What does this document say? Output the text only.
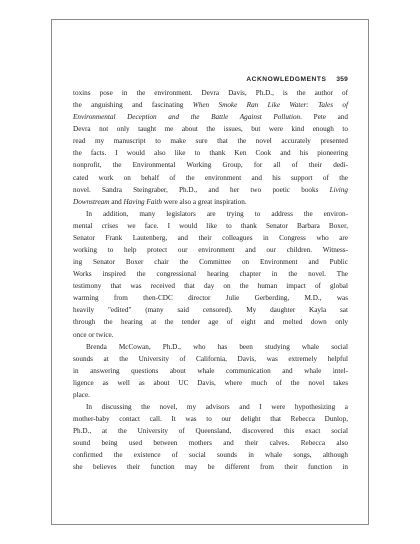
ACKNOWLEDGMENTS 359
toxins pose in the environment. Devra Davis, Ph.D., is the author of
the anguishing and fascinating When Smoke Ran Like Water: Tales of
Environmental Deception and the Battle Against Pollution. Pete and
Devra not only taught me about the issues, but were kind enough to
read my manuscript to make sure that the novel accurately presented
the facts. I would also like to thank Ken Cook and his pioneering
nonprofit, the Environmental Working Group, for all of their dedi-
cated work on behalf of the environment and his support of the
novel. Sandra Steingraber, Ph.D., and her two poetic books Living
Downstream and Having Faith were also a great inspiration.
In addition, many legislators are trying to address the environ-
mental crises we face. I would like to thank Senator Barbara Boxer,
Senator Frank Lautenberg, and their colleagues in Congress who are
working to help protect our environment and our children. Witness-
ing Senator Boxer chair the Committee on Environment and Public
Works inspired the congressional hearing chapter in the novel. The
testimony that was received that day on the human impact of global
warming from then-CDC director Julie Gerberding, M.D., was
heavily "edited" (many said censored). My daughter Kayla sat
through the hearing at the tender age of eight and melted down only
once or twice.
Brenda McCowan, Ph.D., who has been studying whale social
sounds at the University of California, Davis, was extremely helpful
in answering questions about whale communication and whale intel-
ligence as well as about UC Davis, where much of the novel takes
place.
In discussing the novel, my advisors and I were hypothesizing a
mother-baby contact call. It was to our delight that Rebecca Dunlop,
Ph.D., at the University of Queensland, discovered this exact social
sound being used between mothers and their calves. Rebecca also
confirmed the existence of social sounds in whale songs, although
she believes their function may be different from their function in
